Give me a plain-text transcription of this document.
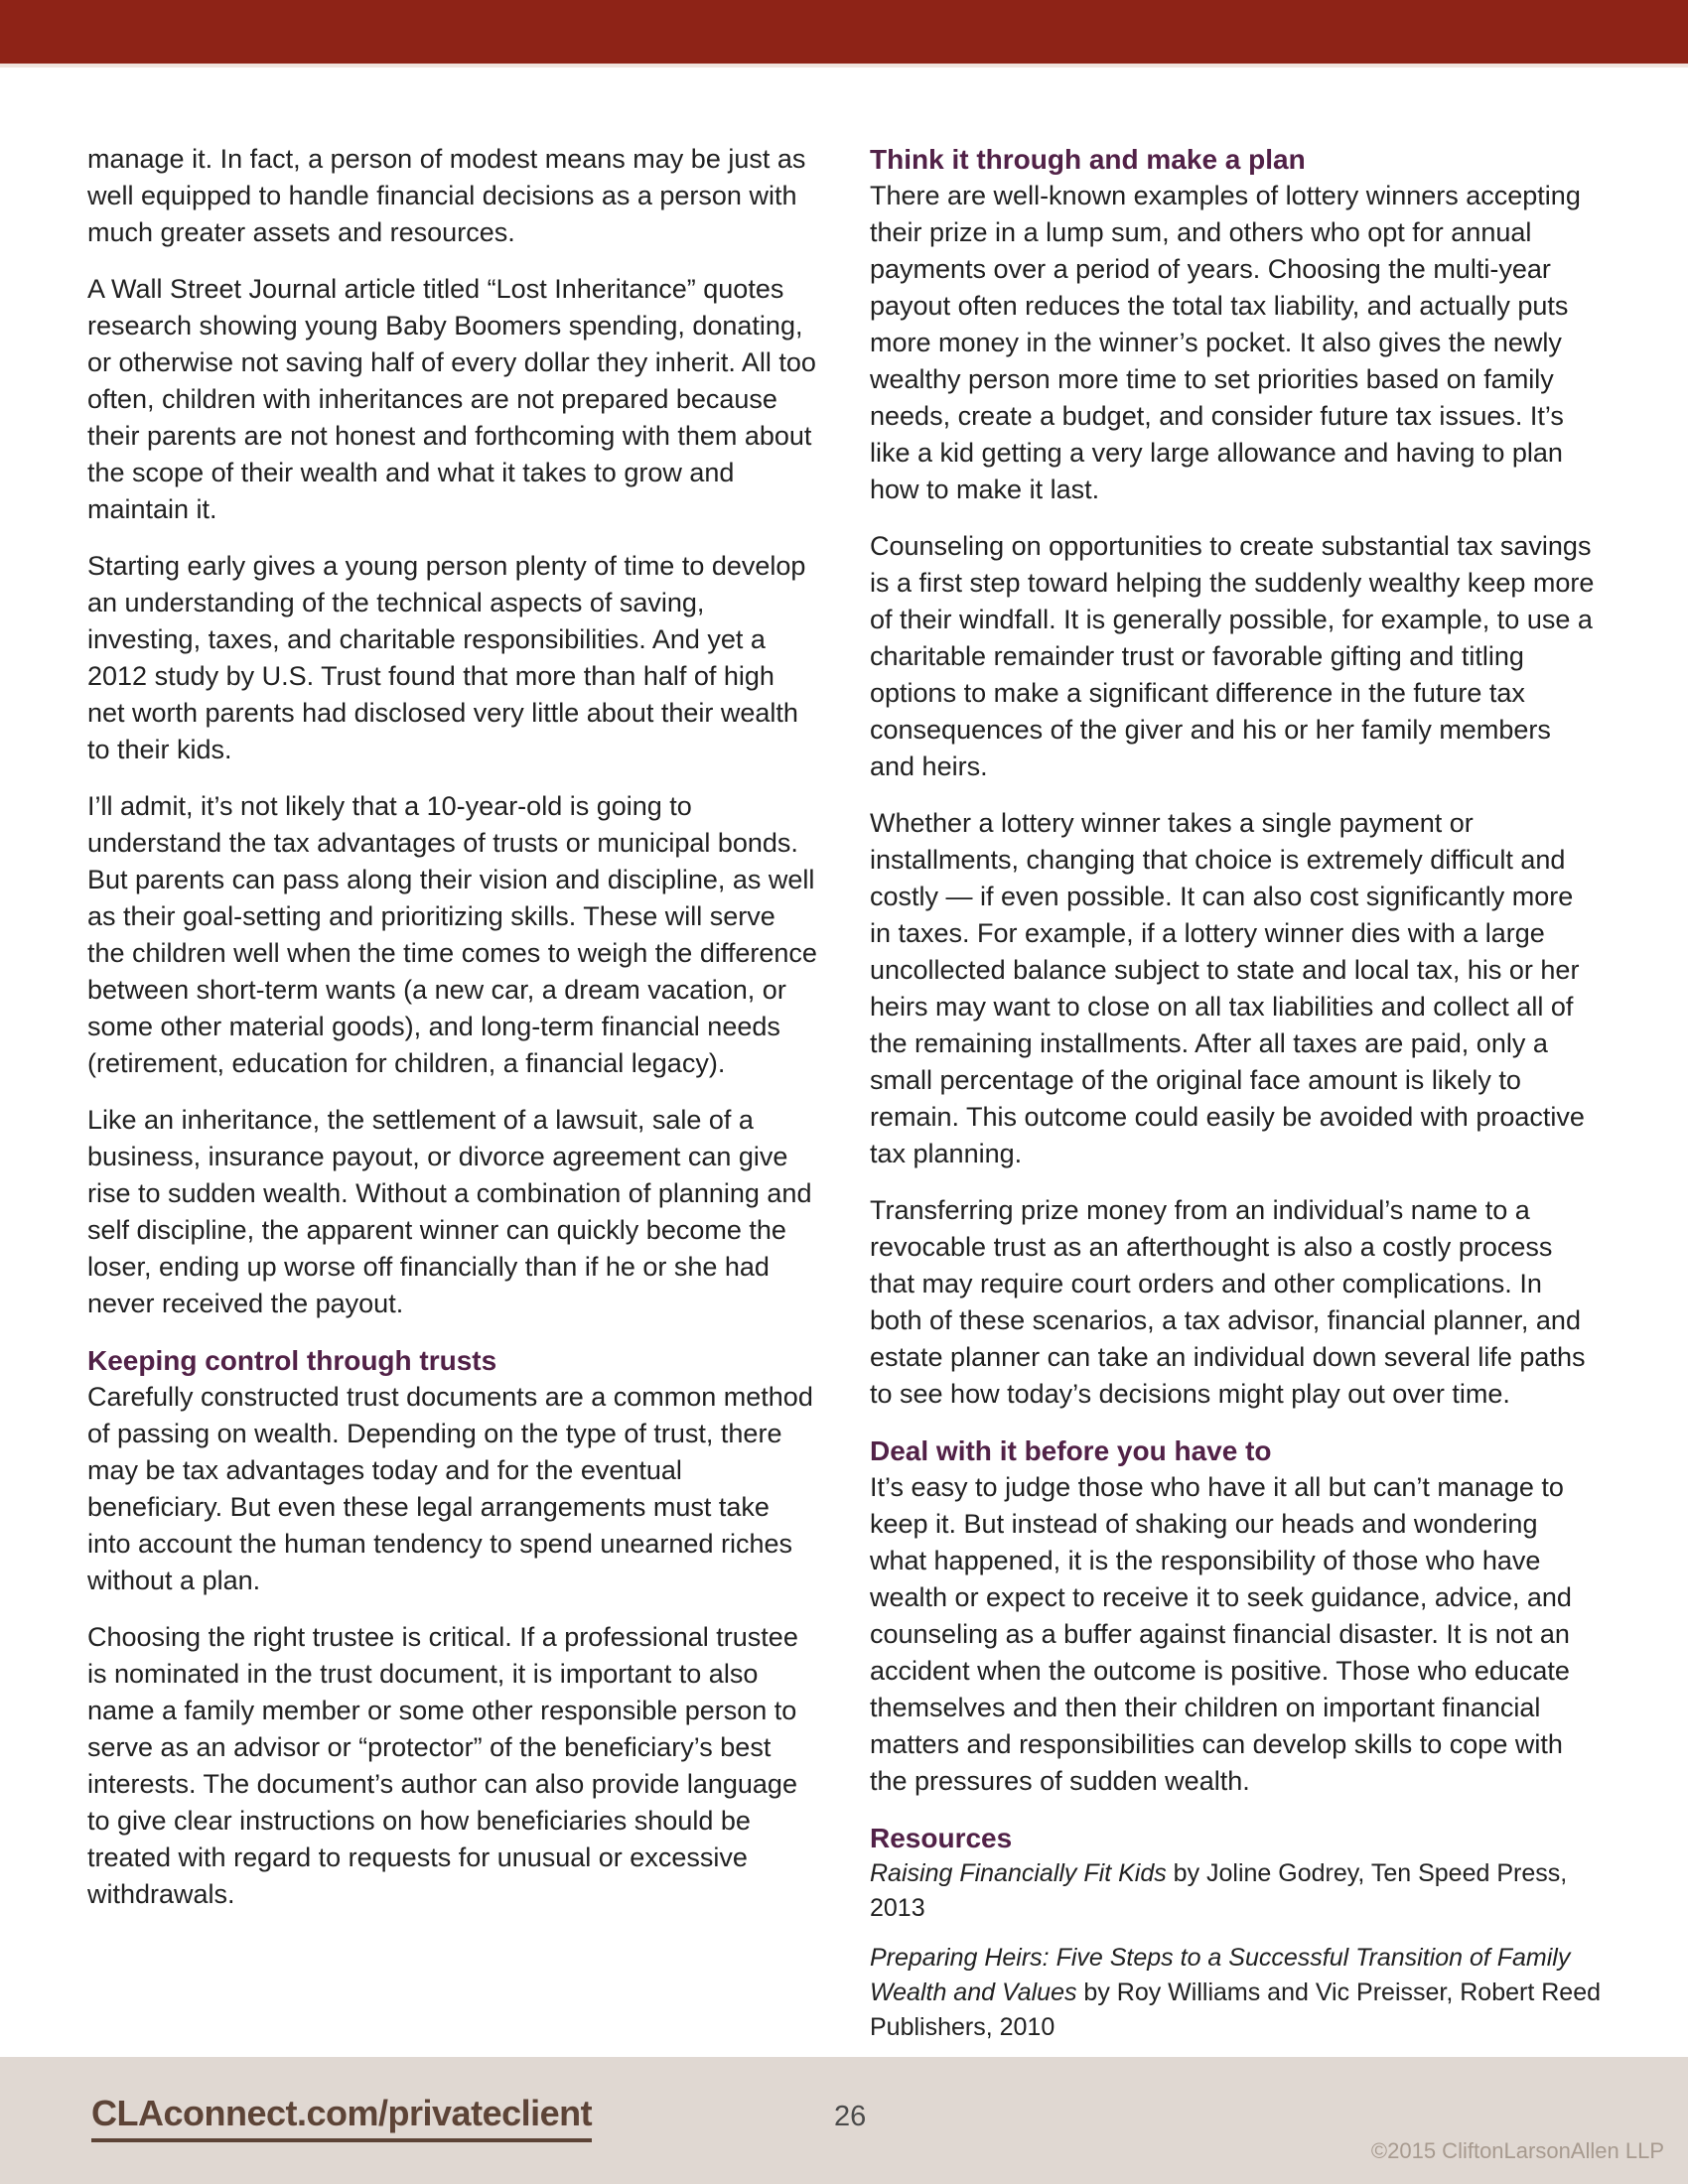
manage it. In fact, a person of modest means may be just as well equipped to handle financial decisions as a person with much greater assets and resources.

A Wall Street Journal article titled “Lost Inheritance” quotes research showing young Baby Boomers spending, donating, or otherwise not saving half of every dollar they inherit. All too often, children with inheritances are not prepared because their parents are not honest and forthcoming with them about the scope of their wealth and what it takes to grow and maintain it.

Starting early gives a young person plenty of time to develop an understanding of the technical aspects of saving, investing, taxes, and charitable responsibilities. And yet a 2012 study by U.S. Trust found that more than half of high net worth parents had disclosed very little about their wealth to their kids.

I’ll admit, it’s not likely that a 10-year-old is going to understand the tax advantages of trusts or municipal bonds. But parents can pass along their vision and discipline, as well as their goal-setting and prioritizing skills. These will serve the children well when the time comes to weigh the difference between short-term wants (a new car, a dream vacation, or some other material goods), and long-term financial needs (retirement, education for children, a financial legacy).

Like an inheritance, the settlement of a lawsuit, sale of a business, insurance payout, or divorce agreement can give rise to sudden wealth. Without a combination of planning and self discipline, the apparent winner can quickly become the loser, ending up worse off financially than if he or she had never received the payout.

Keeping control through trusts

Carefully constructed trust documents are a common method of passing on wealth. Depending on the type of trust, there may be tax advantages today and for the eventual beneficiary. But even these legal arrangements must take into account the human tendency to spend unearned riches without a plan.

Choosing the right trustee is critical. If a professional trustee is nominated in the trust document, it is important to also name a family member or some other responsible person to serve as an advisor or “protector” of the beneficiary’s best interests. The document’s author can also provide language to give clear instructions on how beneficiaries should be treated with regard to requests for unusual or excessive withdrawals.

Think it through and make a plan

There are well-known examples of lottery winners accepting their prize in a lump sum, and others who opt for annual payments over a period of years. Choosing the multi-year payout often reduces the total tax liability, and actually puts more money in the winner’s pocket. It also gives the newly wealthy person more time to set priorities based on family needs, create a budget, and consider future tax issues. It’s like a kid getting a very large allowance and having to plan how to make it last.

Counseling on opportunities to create substantial tax savings is a first step toward helping the suddenly wealthy keep more of their windfall. It is generally possible, for example, to use a charitable remainder trust or favorable gifting and titling options to make a significant difference in the future tax consequences of the giver and his or her family members and heirs.

Whether a lottery winner takes a single payment or installments, changing that choice is extremely difficult and costly — if even possible. It can also cost significantly more in taxes. For example, if a lottery winner dies with a large uncollected balance subject to state and local tax, his or her heirs may want to close on all tax liabilities and collect all of the remaining installments. After all taxes are paid, only a small percentage of the original face amount is likely to remain. This outcome could easily be avoided with proactive tax planning.

Transferring prize money from an individual’s name to a revocable trust as an afterthought is also a costly process that may require court orders and other complications. In both of these scenarios, a tax advisor, financial planner, and estate planner can take an individual down several life paths to see how today’s decisions might play out over time.

Deal with it before you have to

It’s easy to judge those who have it all but can’t manage to keep it. But instead of shaking our heads and wondering what happened, it is the responsibility of those who have wealth or expect to receive it to seek guidance, advice, and counseling as a buffer against financial disaster. It is not an accident when the outcome is positive. Those who educate themselves and then their children on important financial matters and responsibilities can develop skills to cope with the pressures of sudden wealth.

Resources

Raising Financially Fit Kids by Joline Godrey, Ten Speed Press, 2013

Preparing Heirs: Five Steps to a Successful Transition of Family Wealth and Values by Roy Williams and Vic Preisser, Robert Reed Publishers, 2010

CLAconnect.com/privateclient	26
©2015 CliftonLarsonAllen LLP
